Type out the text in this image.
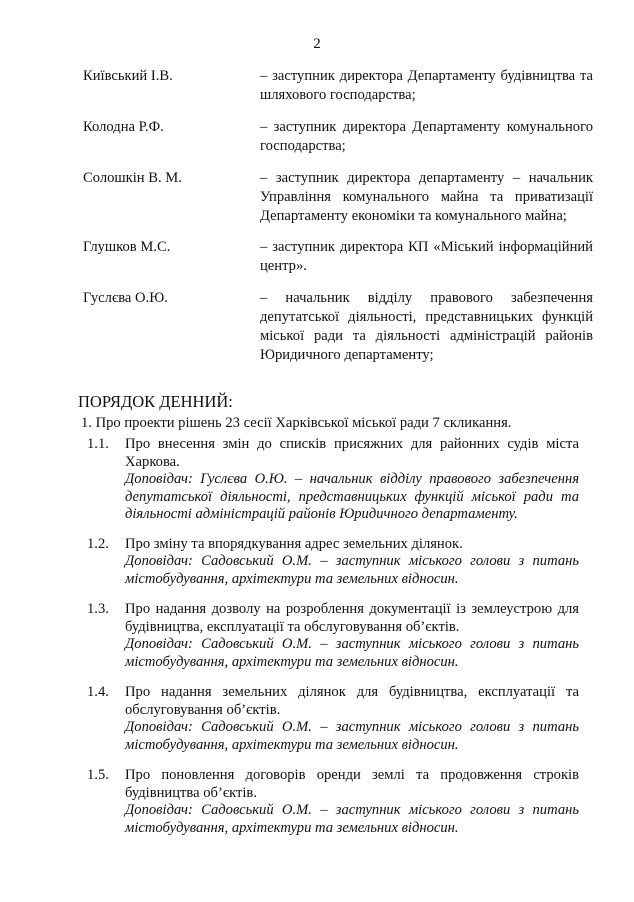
2
Київський І.В.	– заступник директора Департаменту будівництва та шляхового господарства;
Колодна Р.Ф.	– заступник директора Департаменту комунального господарства;
Солошкін В. М.	– заступник директора департаменту – начальник Управління комунального майна та приватизації Департаменту економіки та комунального майна;
Глушков М.С.	– заступник директора КП «Міський інформаційний центр».
Гуслєва О.Ю.	– начальник відділу правового забезпечення депутатської діяльності, представницьких функцій міської ради та діяльності адміністрацій районів Юридичного департаменту;
ПОРЯДОК ДЕННИЙ:
1. Про проекти рішень 23 сесії Харківської міської ради 7 скликання.
1.1.	Про внесення змін до списків присяжних для районних судів міста Харкова.
Доповідач: Гуслєва О.Ю. – начальник відділу правового забезпечення депутатської діяльності, представницьких функцій міської ради та діяльності адміністрацій районів Юридичного департаменту.
1.2.	Про зміну та впорядкування адрес земельних ділянок.
Доповідач: Садовський О.М. – заступник міського голови з питань містобудування, архітектури та земельних відносин.
1.3.	Про надання дозволу на розроблення документації із землеустрою для будівництва, експлуатації та обслуговування об’єктів.
Доповідач: Садовський О.М. – заступник міського голови з питань містобудування, архітектури та земельних відносин.
1.4.	Про надання земельних ділянок для будівництва, експлуатації та обслуговування об’єктів.
Доповідач: Садовський О.М. – заступник міського голови з питань містобудування, архітектури та земельних відносин.
1.5.	Про поновлення договорів оренди землі та продовження строків будівництва об’єктів.
Доповідач: Садовський О.М. – заступник міського голови з питань містобудування, архітектури та земельних відносин.
